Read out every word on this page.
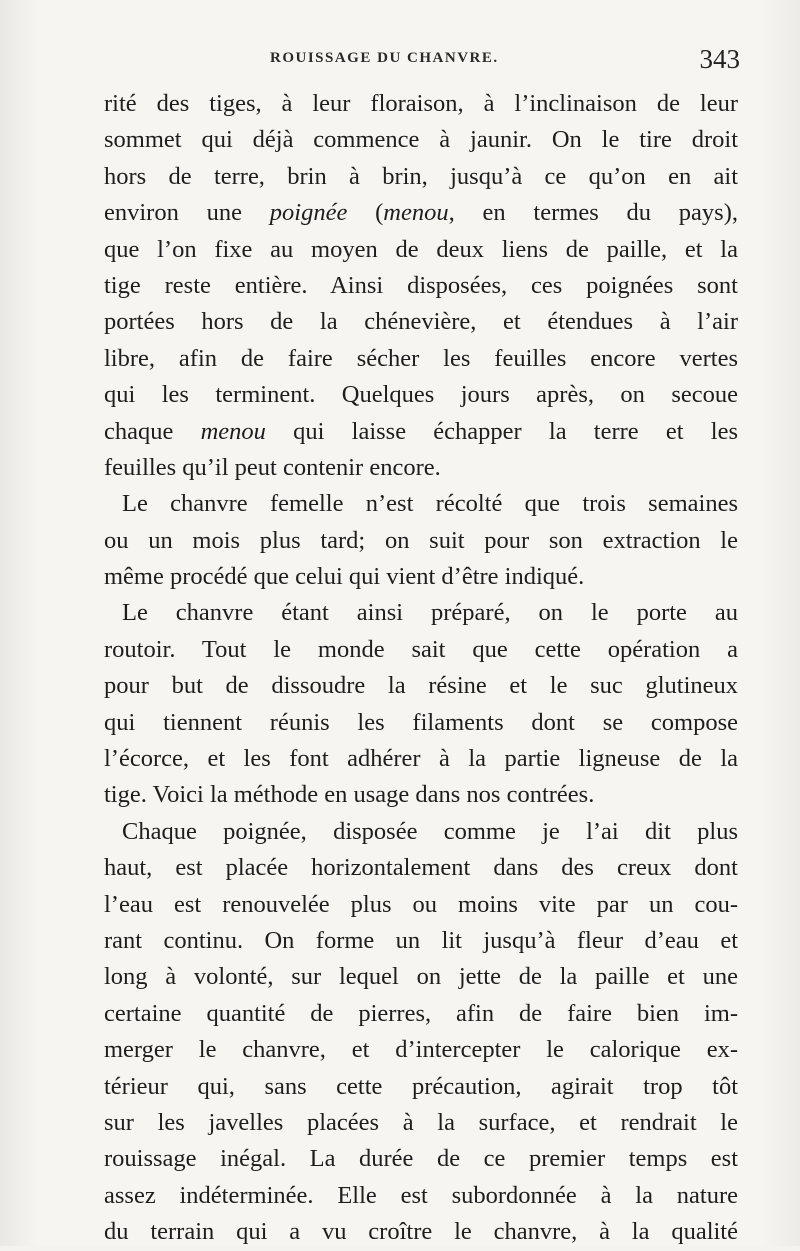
ROUISSAGE DU CHANVRE.	343
rité des tiges, à leur floraison, à l’inclinaison de leur
sommet qui déjà commence à jaunir. On le tire droit
hors de terre, brin à brin, jusqu’à ce qu’on en ait
environ une poignée (menou, en termes du pays),
que l’on fixe au moyen de deux liens de paille, et la
tige reste entière. Ainsi disposées, ces poignées sont
portées hors de la chénevière, et étendues à l’air
libre, afin de faire sécher les feuilles encore vertes
qui les terminent. Quelques jours après, on secoue
chaque menou qui laisse échapper la terre et les
feuilles qu’il peut contenir encore.
Le chanvre femelle n’est récolté que trois semaines
ou un mois plus tard; on suit pour son extraction le
même procédé que celui qui vient d’être indiqué.
Le chanvre étant ainsi préparé, on le porte au
routoir. Tout le monde sait que cette opération a
pour but de dissoudre la résine et le suc glutineux
qui tiennent réunis les filaments dont se compose
l’écorce, et les font adhérer à la partie ligneuse de la
tige. Voici la méthode en usage dans nos contrées.
Chaque poignée, disposée comme je l’ai dit plus
haut, est placée horizontalement dans des creux dont
l’eau est renouvelée plus ou moins vite par un cou-
rant continu. On forme un lit jusqu’à fleur d’eau et
long à volonté, sur lequel on jette de la paille et une
certaine quantité de pierres, afin de faire bien im-
merger le chanvre, et d’intercepter le calorique ex-
térieur qui, sans cette précaution, agirait trop tôt
sur les javelles placées à la surface, et rendrait le
rouissage inégal. La durée de ce premier temps est
assez indéterminée. Elle est subordonnée à la nature
du terrain qui a vu croître le chanvre, à la qualité
